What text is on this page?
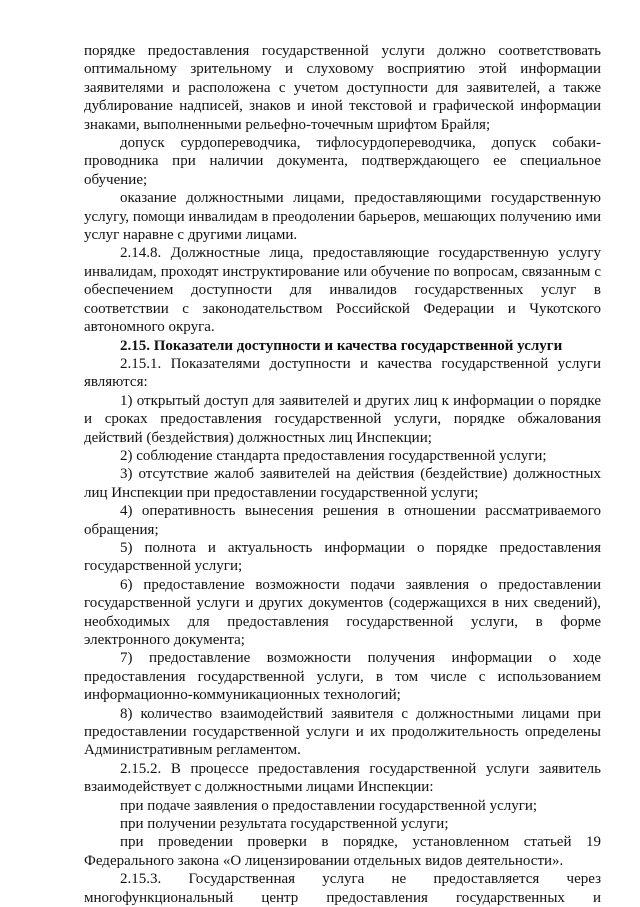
порядке предоставления государственной услуги должно соответствовать оптимальному зрительному и слуховому восприятию этой информации заявителями и расположена с учетом доступности для заявителей, а также дублирование надписей, знаков и иной текстовой и графической информации знаками, выполненными рельефно-точечным шрифтом Брайля;

допуск сурдопереводчика, тифлосурдопереводчика, допуск собаки-проводника при наличии документа, подтверждающего ее специальное обучение;

оказание должностными лицами, предоставляющими государственную услугу, помощи инвалидам в преодолении барьеров, мешающих получению ими услуг наравне с другими лицами.

2.14.8. Должностные лица, предоставляющие государственную услугу инвалидам, проходят инструктирование или обучение по вопросам, связанным с обеспечением доступности для инвалидов государственных услуг в соответствии с законодательством Российской Федерации и Чукотского автономного округа.

2.15. Показатели доступности и качества государственной услуги

2.15.1. Показателями доступности и качества государственной услуги являются:

1) открытый доступ для заявителей и других лиц к информации о порядке и сроках предоставления государственной услуги, порядке обжалования действий (бездействия) должностных лиц Инспекции;

2) соблюдение стандарта предоставления государственной услуги;

3) отсутствие жалоб заявителей на действия (бездействие) должностных лиц Инспекции при предоставлении государственной услуги;

4) оперативность вынесения решения в отношении рассматриваемого обращения;

5) полнота и актуальность информации о порядке предоставления государственной услуги;

6) предоставление возможности подачи заявления о предоставлении государственной услуги и других документов (содержащихся в них сведений), необходимых для предоставления государственной услуги, в форме электронного документа;

7) предоставление возможности получения информации о ходе предоставления государственной услуги, в том числе с использованием информационно-коммуникационных технологий;

8) количество взаимодействий заявителя с должностными лицами при предоставлении государственной услуги и их продолжительность определены Административным регламентом.

2.15.2. В процессе предоставления государственной услуги заявитель взаимодействует с должностными лицами Инспекции:

при подаче заявления о предоставлении государственной услуги;

при получении результата государственной услуги;

при проведении проверки в порядке, установленном статьей 19 Федерального закона «О лицензировании отдельных видов деятельности».

2.15.3. Государственная услуга не предоставляется через многофункциональный центр предоставления государственных и
